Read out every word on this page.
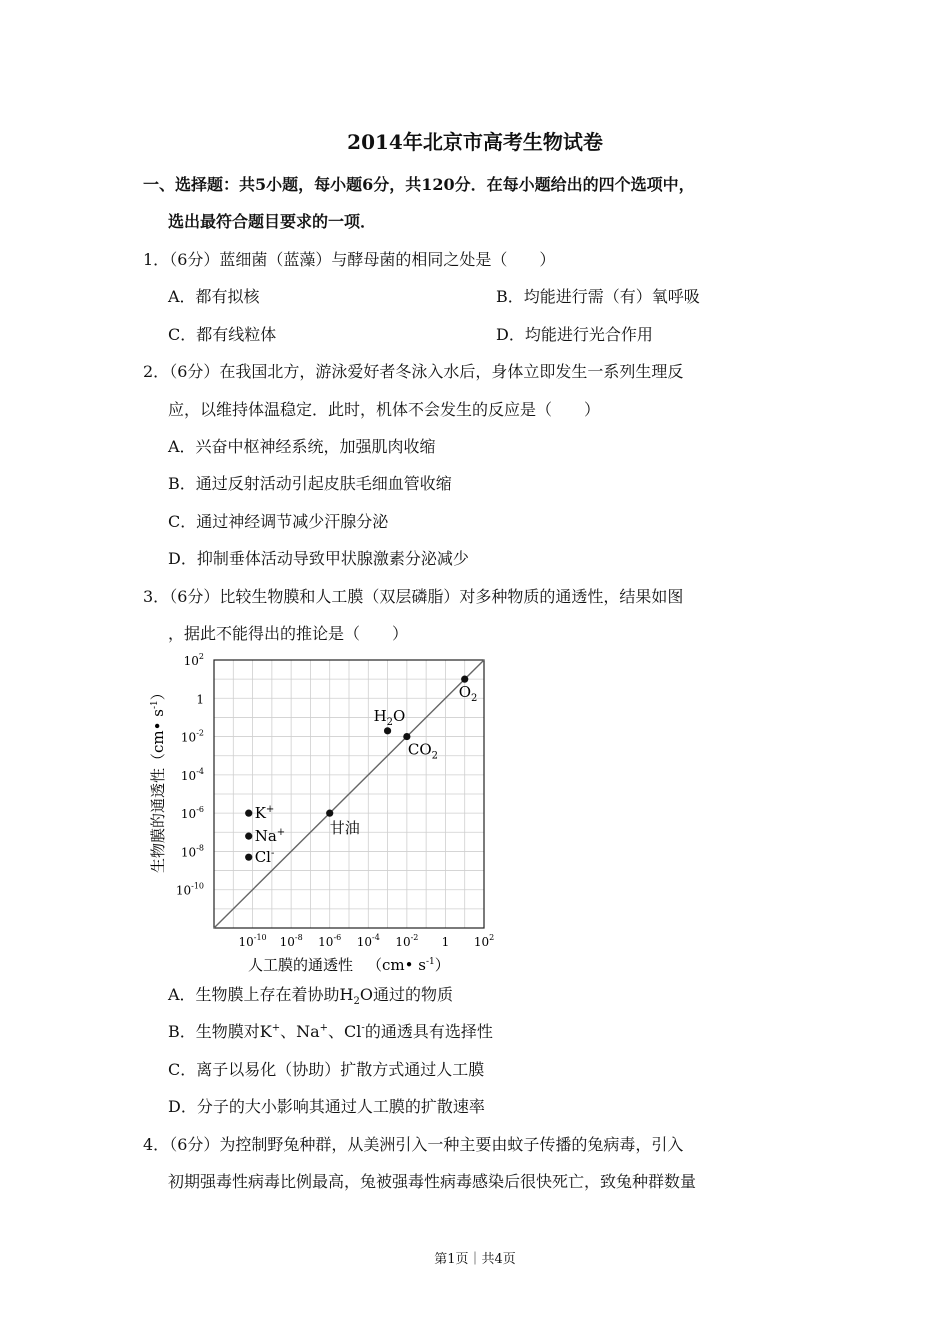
2014年北京市高考生物试卷
一、选择题：共5小题，每小题6分，共120分．在每小题给出的四个选项中，
选出最符合题目要求的一项．
1．（6分）蓝细菌（蓝藻）与酵母菌的相同之处是（　　）
A．都有拟核	B．均能进行需（有）氧呼吸
C．都有线粒体	D．均能进行光合作用
2．（6分）在我国北方，游泳爱好者冬泳入水后，身体立即发生一系列生理反
应，以维持体温稳定．此时，机体不会发生的反应是（　　）
A．兴奋中枢神经系统，加强肌肉收缩
B．通过反射活动引起皮肤毛细血管收缩
C．通过神经调节减少汗腺分泌
D．抑制垂体活动导致甲状腺激素分泌减少
3．（6分）比较生物膜和人工膜（双层磷脂）对多种物质的通透性，结果如图
，据此不能得出的推论是（　　）
$10^{-10}$ $10^{-8}$ $10^{-6}$ $10^{-4}$ $10^{-2}$ 1 $10^2$
$10^2$
1
$10^{-2}$
$10^{-4}$
$10^{-6}$
$10^{-8}$
$10^{-10}$
$O_2$
$H_2O$
$CO_2$
甘油
K+
Na+
Cl-
人工膜的通透性 （cm• $s^{-1}$）
生物膜的通透性（cm• $s^{-1}$）
A．生物膜上存在着协助$H_2O$通过的物质
B．生物膜对K+、Na+、Cl-的通透具有选择性
C．离子以易化（协助）扩散方式通过人工膜
D．分子的大小影响其通过人工膜的扩散速率
4．（6分）为控制野兔种群，从美洲引入一种主要由蚊子传播的兔病毒，引入
初期强毒性病毒比例最高，兔被强毒性病毒感染后很快死亡，致兔种群数量
第1页｜共4页
